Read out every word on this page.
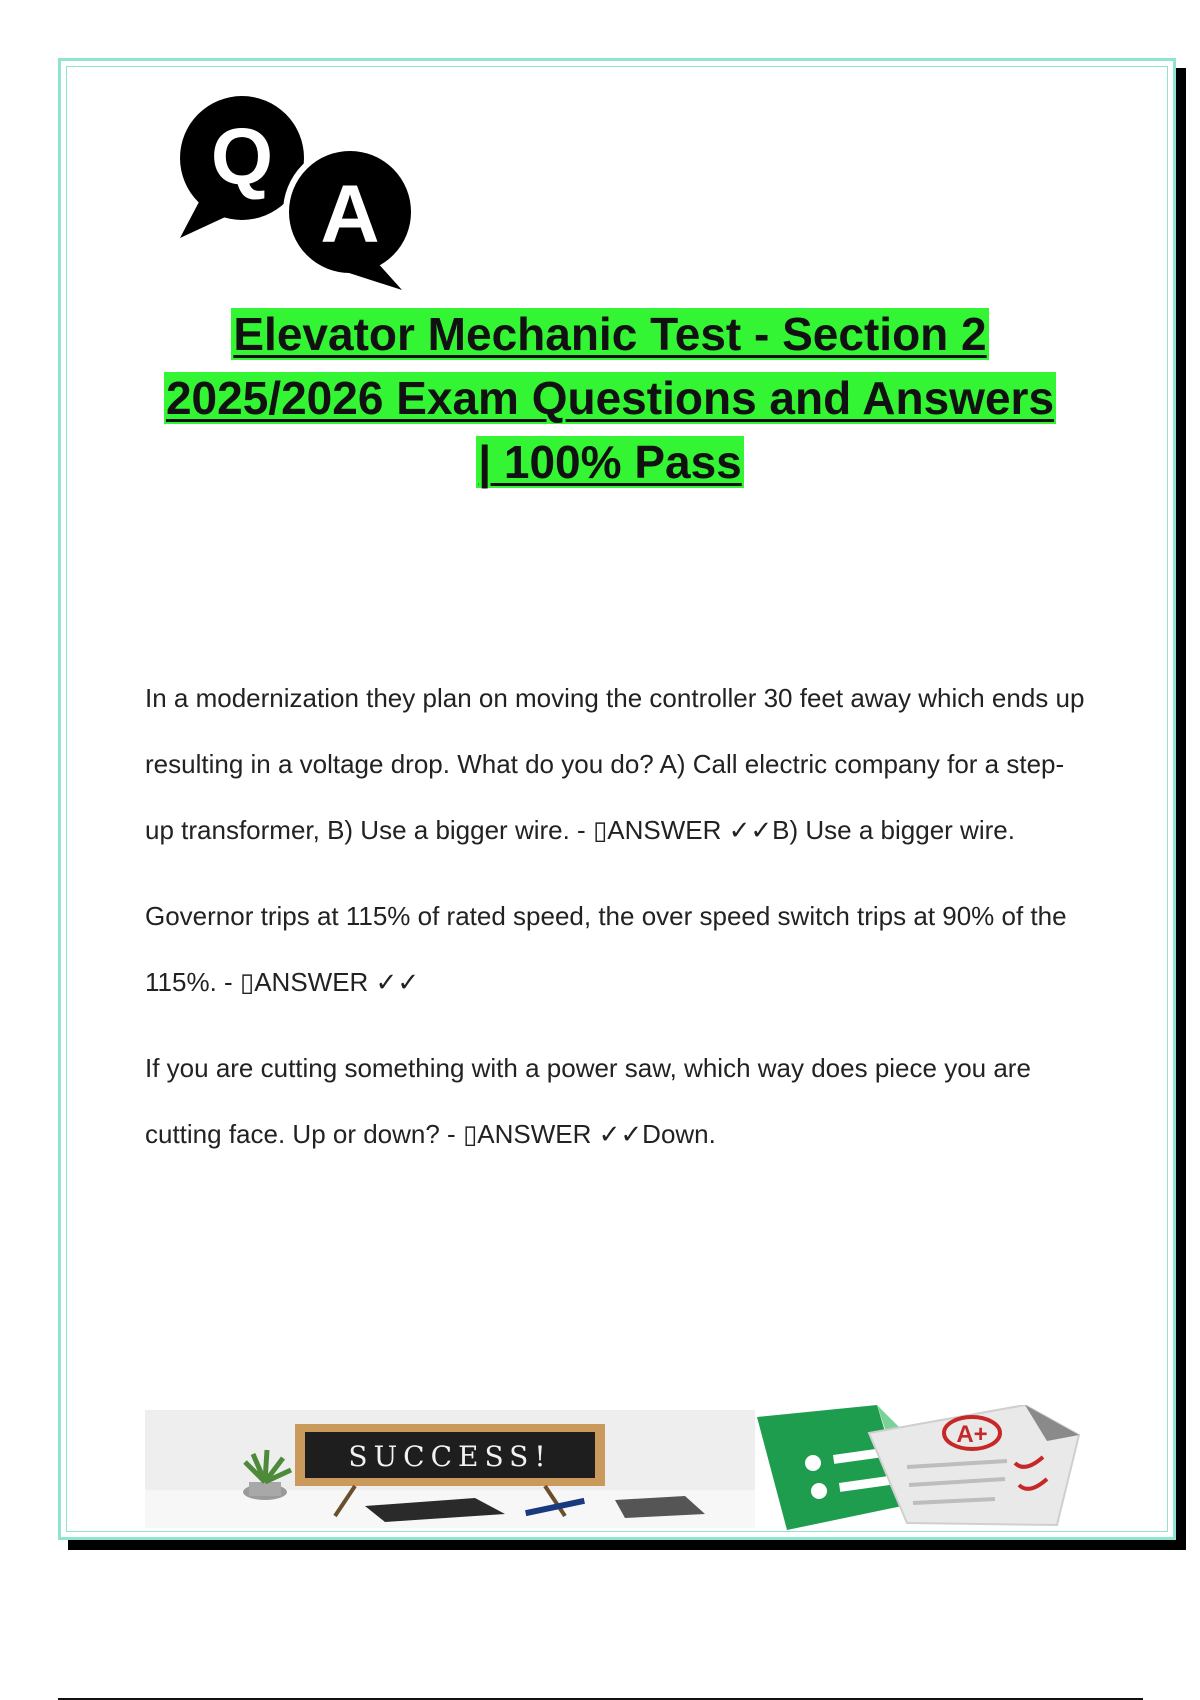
Q
A
Elevator Mechanic Test - Section 2
2025/2026 Exam Questions and Answers
| 100% Pass

In a modernization they plan on moving the controller 30 feet away which ends up resulting in a voltage drop. What do you do? A) Call electric company for a step-up transformer, B) Use a bigger wire. - ▯ANSWER ✓✓B) Use a bigger wire.

Governor trips at 115% of rated speed, the over speed switch trips at 90% of the 115%. - ▯ANSWER ✓✓

If you are cutting something with a power saw, which way does piece you are cutting face. Up or down? - ▯ANSWER ✓✓Down.

SUCCESS!
A+
